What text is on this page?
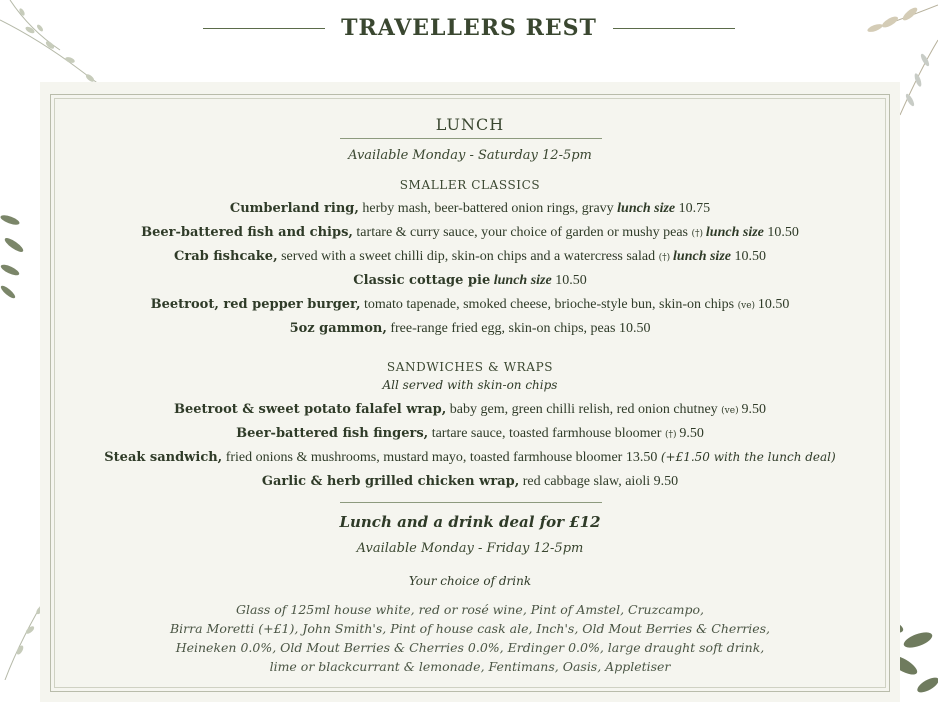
TRAVELLERS REST
LUNCH
Available Monday - Saturday 12-5pm
SMALLER CLASSICS
Cumberland ring, herby mash, beer-battered onion rings, gravy lunch size 10.75
Beer-battered fish and chips, tartare & curry sauce, your choice of garden or mushy peas (†) lunch size 10.50
Crab fishcake, served with a sweet chilli dip, skin-on chips and a watercress salad (†) lunch size 10.50
Classic cottage pie lunch size 10.50
Beetroot, red pepper burger, tomato tapenade, smoked cheese, brioche-style bun, skin-on chips (ve) 10.50
5oz gammon, free-range fried egg, skin-on chips, peas 10.50
SANDWICHES & WRAPS
All served with skin-on chips
Beetroot & sweet potato falafel wrap, baby gem, green chilli relish, red onion chutney (ve) 9.50
Beer-battered fish fingers, tartare sauce, toasted farmhouse bloomer (†) 9.50
Steak sandwich, fried onions & mushrooms, mustard mayo, toasted farmhouse bloomer 13.50 (+£1.50 with the lunch deal)
Garlic & herb grilled chicken wrap, red cabbage slaw, aioli 9.50
Lunch and a drink deal for £12
Available Monday - Friday 12-5pm
Your choice of drink
Glass of 125ml house white, red or rosé wine, Pint of Amstel, Cruzcampo,
Birra Moretti (+£1), John Smith's, Pint of house cask ale, Inch's, Old Mout Berries & Cherries,
Heineken 0.0%, Old Mout Berries & Cherries 0.0%, Erdinger 0.0%, large draught soft drink,
lime or blackcurrant & lemonade, Fentimans, Oasis, Appletiser
